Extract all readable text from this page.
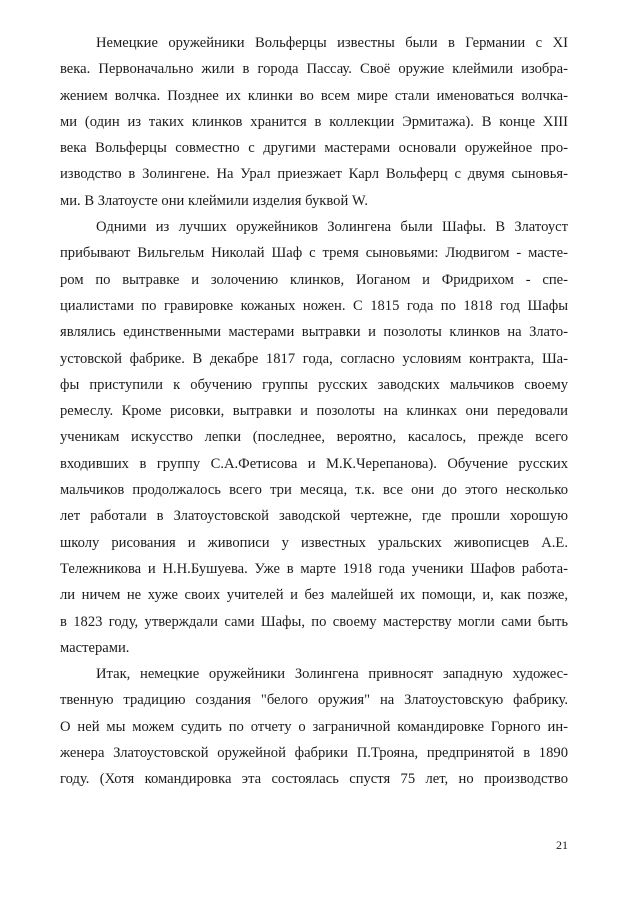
Немецкие оружейники Вольферцы известны были в Германии с XI
века. Первоначально жили в города Пассау. Своё оружие клеймили изобра-
жением волчка. Позднее их клинки во всем мире стали именоваться волчка-
ми (один из таких клинков хранится в коллекции Эрмитажа). В конце XIII
века Вольферцы совместно с другими мастерами основали оружейное про-
изводство в Золингене. На Урал приезжает Карл Вольферц с двумя сыновья-
ми. В Златоусте они клеймили изделия буквой W.
Одними из лучших оружейников Золингена были Шафы. В Златоуст
прибывают Вильгельм Николай Шаф с тремя сыновьями: Людвигом - масте-
ром по вытравке и золочению клинков, Иоганом и Фридрихом - спе-
циалистами по гравировке кожаных ножен. С 1815 года по 1818 год Шафы
являлись единственными мастерами вытравки и позолоты клинков на Злато-
устовской фабрике. В декабре 1817 года, согласно условиям контракта, Ша-
фы приступили к обучению группы русских заводских мальчиков своему
ремеслу. Кроме рисовки, вытравки и позолоты на клинках они передовали
ученикам искусство лепки (последнее, вероятно, касалось, прежде всего
входивших в группу С.А.Фетисова и М.К.Черепанова). Обучение русских
мальчиков продолжалось всего три месяца, т.к. все они до этого несколько
лет работали в Златоустовской заводской чертежне, где прошли хорошую
школу рисования и живописи у известных уральских живописцев А.Е.
Тележникова и Н.Н.Бушуева. Уже в марте 1918 года ученики Шафов работа-
ли ничем не хуже своих учителей и без малейшей их помощи, и, как позже,
в 1823 году, утверждали сами Шафы, по своему мастерству могли сами быть
мастерами.
Итак, немецкие оружейники Золингена привносят западную художес-
твенную традицию создания "белого оружия" на Златоустовскую фабрику.
О ней мы можем судить по отчету о заграничной командировке Горного ин-
женера Златоустовской оружейной фабрики П.Трояна, предпринятой в 1890
году. (Хотя командировка эта состоялась спустя 75 лет, но производство
21
